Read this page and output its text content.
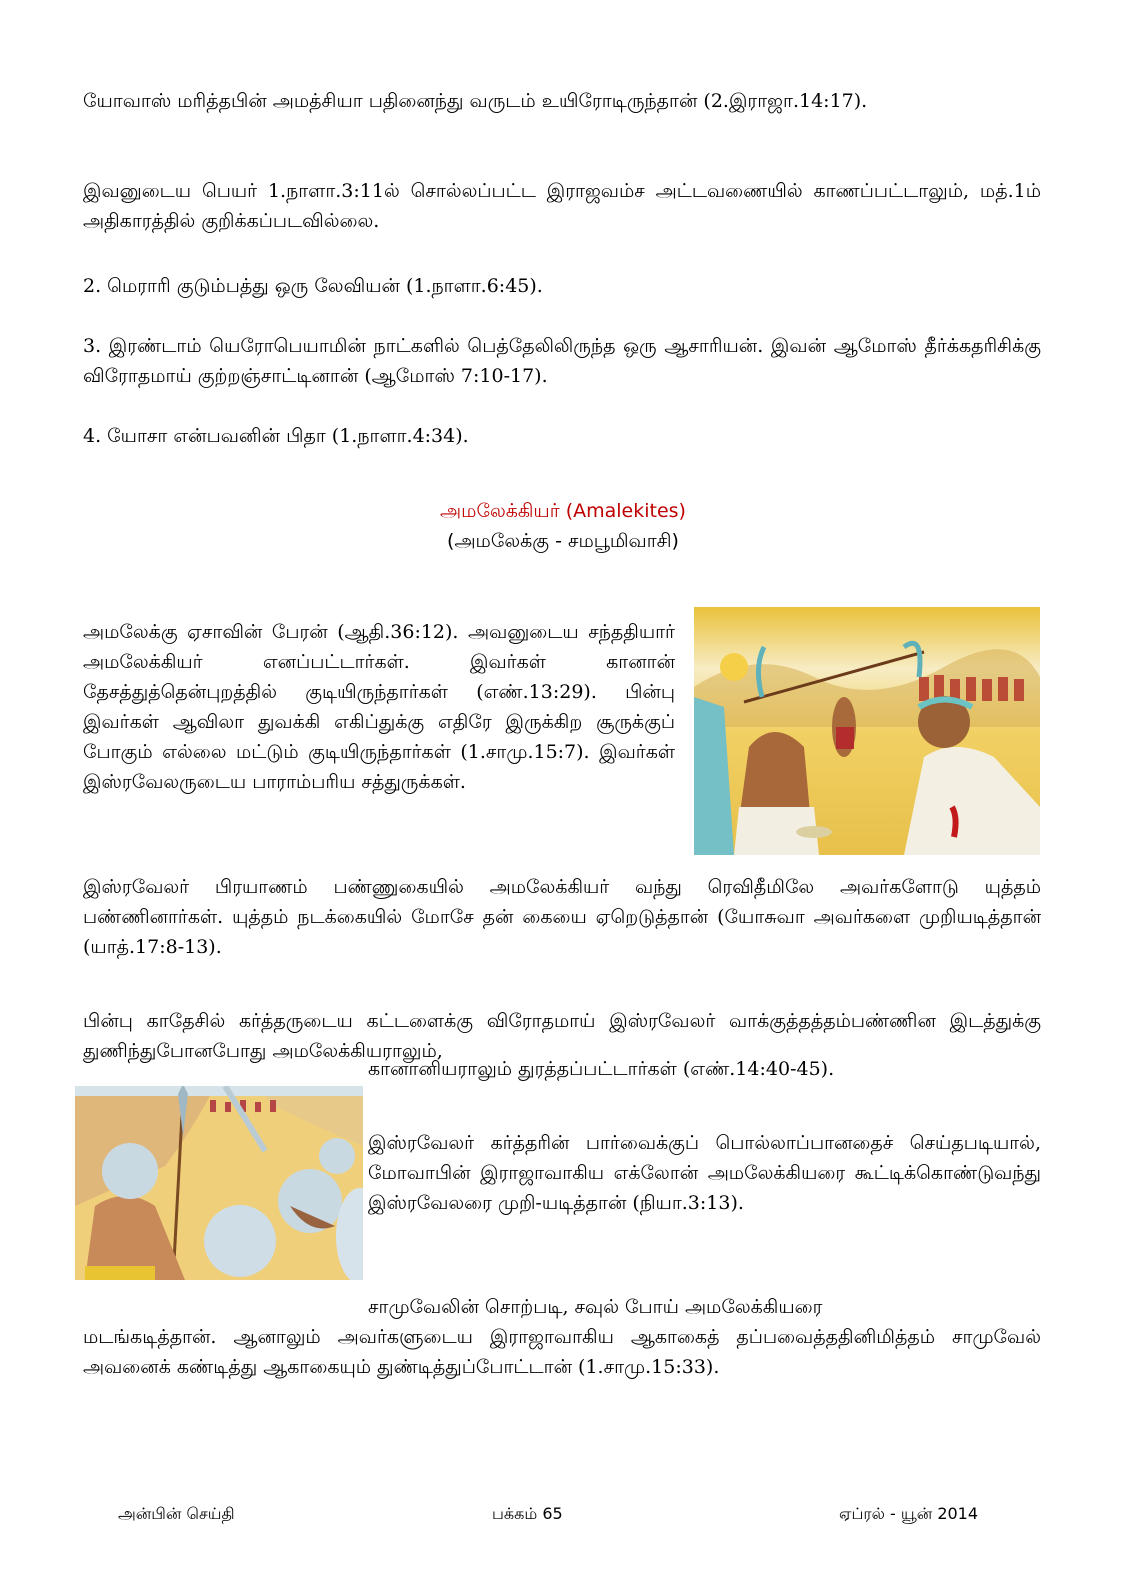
யோவாஸ் மரித்தபின் அமத்சியா பதினைந்து வருடம் உயிரோடிருந்தான் (2.இராஜா.14:17).

இவனுடைய பெயர் 1.நாளா.3:11ல் சொல்லப்பட்ட இராஜவம்ச அட்டவணையில் காணப்பட்டாலும், மத்.1ம் அதிகாரத்தில் குறிக்கப்படவில்லை.

2. மெராரி குடும்பத்து ஒரு லேவியன் (1.நாளா.6:45).

3. இரண்டாம் யெரோபெயாமின் நாட்களில் பெத்தேலிலிருந்த ஒரு ஆசாரியன். இவன் ஆமோஸ் தீர்க்கதரிசிக்கு விரோதமாய் குற்றஞ்சாட்டினான் (ஆமோஸ் 7:10-17).

4. யோசா என்பவனின் பிதா (1.நாளா.4:34).

அமலேக்கியர் (Amalekites)
(அமலேக்கு - சமபூமிவாசி)

அமலேக்கு ஏசாவின் பேரன் (ஆதி.36:12). அவனுடைய சந்ததியார் அமலேக்கியர் எனப்பட்டார்கள். இவர்கள் கானான் தேசத்துத்தென்புறத்தில் குடியிருந்தார்கள் (எண்.13:29). பின்பு இவர்கள் ஆவிலா துவக்கி எகிப்துக்கு எதிரே இருக்கிற சூருக்குப் போகும் எல்லை மட்டும் குடியிருந்தார்கள் (1.சாமு.15:7). இவர்கள் இஸ்ரவேலருடைய பாராம்பரிய சத்துருக்கள்.

இஸ்ரவேலர் பிரயாணம் பண்ணுகையில் அமலேக்கியர் வந்து ரெவிதீமிலே அவர்களோடு யுத்தம் பண்ணினார்கள். யுத்தம் நடக்கையில் மோசே தன் கையை ஏறெடுத்தான் (யோசுவா அவர்களை முறியடித்தான் (யாத்.17:8-13).

பின்பு காதேசில் கர்த்தருடைய கட்டளைக்கு விரோதமாய் இஸ்ரவேலர் வாக்குத்தத்தம்பண்ணின இடத்துக்கு துணிந்துபோனபோது அமலேக்கியராலும்,

கானானியராலும் துரத்தப்பட்டார்கள் (எண்.14:40-45).

இஸ்ரவேலர் கர்த்தரின் பார்வைக்குப் பொல்லாப்பானதைச் செய்தபடியால், மோவாபின் இராஜாவாகிய எக்லோன் அமலேக்கியரை கூட்டிக்கொண்டுவந்து இஸ்ரவேலரை முறி-யடித்தான் (நியா.3:13).

சாமுவேலின் சொற்படி, சவுல் போய் அமலேக்கியரை

மடங்கடித்தான். ஆனாலும் அவர்களுடைய இராஜாவாகிய ஆகாகைத் தப்பவைத்ததினிமித்தம் சாமுவேல் அவனைக் கண்டித்து ஆகாகையும் துண்டித்துப்போட்டான் (1.சாமு.15:33).

அன்பின் செய்தி	பக்கம் 65	ஏப்ரல் - யூன் 2014
